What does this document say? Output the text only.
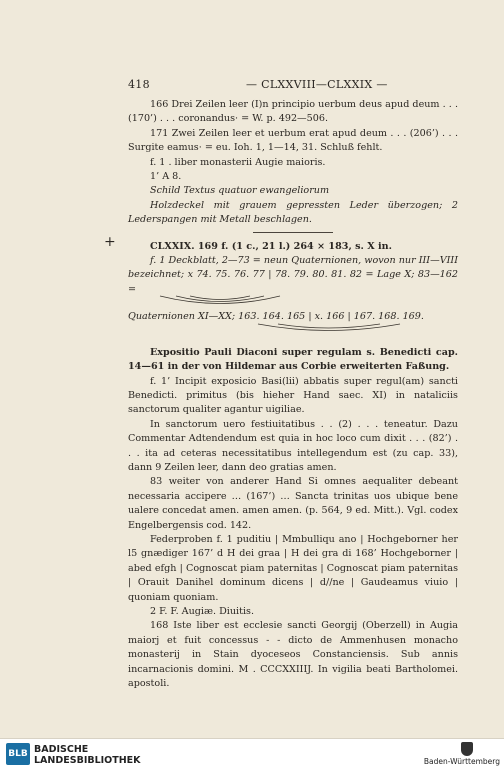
418	— CLXXVIII—CLXXIX —
+

166 Drei Zeilen leer (I)n principio uerbum deus apud deum . . . (170’) . . . coronandus· = W. p. 492—506.

171 Zwei Zeilen leer et uerbum erat apud deum . . . (206’) . . . Surgite eamus· = eu. Ioh. 1, 1—14, 31. Schluß fehlt.

f. 1 . liber monasterii Augie maioris.

1’ A 8.

Schild Textus quatuor ewangeliorum

Holzdeckel mit grauem gepressten Leder überzogen; 2 Lederspangen mit Metall beschlagen.

CLXXIX. 169 f. (1 c., 21 l.) 264 × 183, s. X in.

f. 1 Deckblatt, 2—73 = neun Quaternionen, wovon nur III—VIII bezeichnet; x 74. 75. 76. 77 | 78. 79. 80. 81. 82 = Lage X; 83—162 =

Quaternionen XI—XX; 163. 164. 165 | x. 166 | 167. 168. 169.

Expositio Pauli Diaconi super regulam s. Benedicti cap. 14—61 in der von Hildemar aus Corbie erweiterten Faßung.

f. 1’ Incipit exposicio Basi(lii) abbatis super regul(am) sancti Benedicti. primitus (bis hieher Hand saec. XI) in nataliciis sanctorum qualiter agantur uigiliae.

In sanctorum uero festiuitatibus . . (2) . . . teneatur. Dazu Commentar Adtendendum est quia in hoc loco cum dixit . . . (82’) . . . ita ad ceteras necessitatibus intellegendum est (zu cap. 33), dann 9 Zeilen leer, dann deo gratias amen.

83 weiter von anderer Hand Si omnes aequaliter debeant necessaria accipere … (167’) … Sancta trinitas uos ubique bene ualere concedat amen. amen amen. (p. 564, 9 ed. Mitt.). Vgl. codex Engelbergensis cod. 142.

Federproben f. 1 puditiu | Mmbulliqu ano | Hochgeborner her l5 gnædiger 167’ d H dei graa | H dei gra di 168’ Hochgeborner | abed efgh | Cognoscat piam paternitas | Cognoscat piam paternitas | Orauit Danihel dominum dicens | d//ne | Gaudeamus viuio | quoniam quoniam.

2 F. F. Augiæ. Diuitis.

168 Iste liber est ecclesie sancti Georgij (Oberzell) in Augia maiorj et fuit concessus - - dicto de Ammenhusen monacho monasterij in Stain dyoceseos Constanciensis. Sub annis incarnacionis domini. M . CCCXXIIIJ. In vigilia beati Bartholomei. apostoli.

BLB BADISCHE
LANDESBIBLIOTHEK	Baden-Württemberg
